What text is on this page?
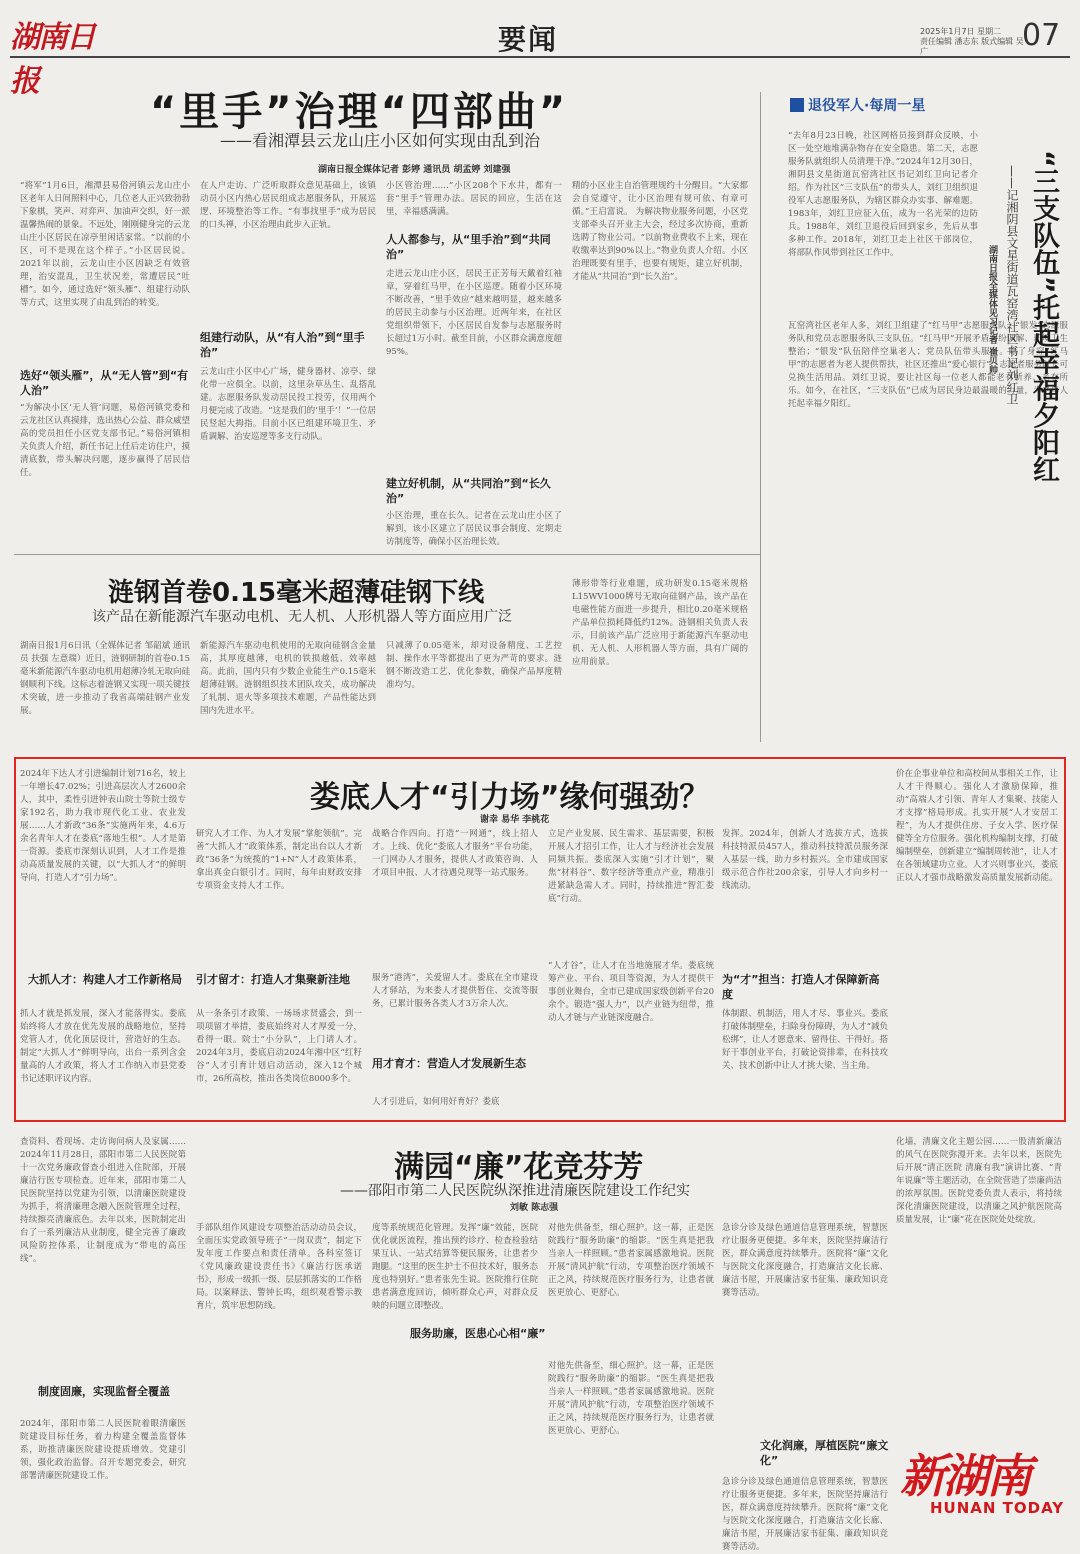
湖南日报
要闻	2025年1月7日 星期二
责任编辑 潘志东 版式编辑 吴广	07
“里手”治理“四部曲”
——看湘潭县云龙山庄小区如何实现由乱到治
湖南日报全媒体记者 彭婷 通讯员 胡孟婷 刘建强
“将军”1月6日，湘潭县易俗河镇云龙山庄小区老年人日间照料中心，几位老人正兴致勃勃下象棋，笑声、对弈声、加油声交织，好一派温馨热闹的景象。不远处，刚刚健身完的云龙山庄小区居民在凉亭里闲话家常。“以前的小区，可不是现在这个样子。”小区居民说。2021年以前，云龙山庄小区因缺乏有效管理，治安混乱，卫生状况差，常遭居民“吐槽”。如今，通过选好“领头雁”、组建行动队等方式，这里实现了由乱到治的转变。
选好“领头雁”，从“无人管”到“有人治”
“为解决小区‘无人管’问题，易俗河镇党委和云龙社区认真摸排，选出热心公益、群众威望高的党员担任小区党支部书记。”易俗河镇相关负责人介绍，新任书记上任后走访住户，摸清底数，带头解决问题，逐步赢得了居民信任。
在人户走访、广泛听取群众意见基础上，该镇动员小区内热心居民组成志愿服务队，开展巡逻、环境整治等工作。“有事找里手”成为居民的口头禅，小区治理由此步入正轨。
组建行动队，从“有人治”到“里手治”
云龙山庄小区中心广场，健身器材、凉亭、绿化带一应俱全。以前，这里杂草丛生、乱搭乱建。志愿服务队发动居民投工投劳，仅用两个月便完成了改造。“这是我们的‘里手’！”一位居民竖起大拇指。目前小区已组建环境卫生、矛盾调解、治安巡逻等多支行动队。
小区管治理……”小区208个下水井，都有一套“里手”管理办法。居民的回应，生活在这里，幸福感满满。
人人都参与，从“里手治”到“共同治”
走进云龙山庄小区，居民王正芳每天戴着红袖章，穿着红马甲，在小区巡逻。随着小区环境不断改善，“里手效应”越来越明显，越来越多的居民主动参与小区治理。近两年来，在社区党组织带领下，小区居民自发参与志愿服务时长超过1万小时。截至目前，小区群众满意度超95%。
建立好机制，从“共同治”到“长久治”
小区治理，重在长久。记者在云龙山庄小区了解到，该小区建立了居民议事会制度、定期走访制度等，确保小区治理长效。
精的小区业主自治管理规约十分醒目。“大家都会自觉遵守，让小区治理有规可依、有章可循。”王启富说。 为解决物业服务问题，小区党支部牵头召开业主大会，经过多次协商，重新选聘了物业公司。“以前物业费收不上来，现在收缴率达到90%以上。”物业负责人介绍。小区治理既要有里手，也要有规矩，建立好机制，才能从“共同治”到“长久治”。
退役军人·每周一星
“去年8月23日晚，社区网格员接到群众反映，小区一处空地堆满杂物存在安全隐患。第二天，志愿服务队就组织人员清理干净。”2024年12月30日，湘阴县文星街道瓦窑湾社区书记刘红卫向记者介绍。作为社区“三支队伍”的带头人，刘红卫组织退役军人志愿服务队，为辖区群众办实事、解难题。1983年，刘红卫应征入伍，成为一名光荣的边防兵。1988年，刘红卫退役后回到家乡，先后从事多种工作。2018年，刘红卫走上社区干部岗位，将部队作风带到社区工作中。
瓦窑湾社区老年人多，刘红卫组建了“红马甲”志愿服务队、“银发”志愿服务队和党员志愿服务队三支队伍。“红马甲”开展矛盾纠纷调解、环境卫生整治；“银发”队伍陪伴空巢老人；党员队伍带头服务。除了身穿“红马甲”的志愿者为老人提供帮扶，社区还推出“爱心银行”，志愿者服务时长可兑换生活用品。刘红卫说，要让社区每一位老人都能老有所养、老有所乐。如今，在社区，“三支队伍”已成为居民身边最温暖的力量，为老年人托起幸福夕阳红。	“三支队伍”托起幸福夕阳红
——记湘阴县文星街道瓦窑湾社区书记刘红卫
湖南日报全媒体见习记者 崔贝帅
涟钢首卷0.15毫米超薄硅钢下线
该产品在新能源汽车驱动电机、无人机、人形机器人等方面应用广泛
湖南日报1月6日讯（全媒体记者 邹韶斌 通讯员 扶强 左意瑞）近日，涟钢研制的首卷0.15毫米新能源汽车驱动电机用超薄冷轧无取向硅钢顺利下线。这标志着涟钢又实现一项关键技术突破，进一步推动了我省高端硅钢产业发展。
新能源汽车驱动电机使用的无取向硅钢含金量高，其厚度越薄，电机的铁损越低、效率越高。此前，国内只有少数企业能生产0.15毫米超薄硅钢。涟钢组织技术团队攻关，成功解决了轧制、退火等多项技术难题，产品性能达到国内先进水平。
只减薄了0.05毫米，却对设备精度、工艺控制、操作水平等都提出了更为严苛的要求。涟钢不断改造工艺、优化参数，确保产品厚度精准均匀。
薄形带等行业难题，成功研发0.15毫米规格L15WV1000牌号无取向硅钢产品，该产品在电磁性能方面进一步提升，相比0.20毫米规格产品单位损耗降低约12%。涟钢相关负责人表示，目前该产品广泛应用于新能源汽车驱动电机、无人机、人形机器人等方面，具有广阔的应用前景。
娄底人才“引力场”缘何强劲？
谢幸 易华 李桃花
2024年下达人才引进编制计划716名，较上一年增长47.02%；引进高层次人才2600余人，其中，柔性引进钟表山院士等院士级专家192名，助力我市现代化工业、农业发展……人才新政“36条”实施两年来，4.6万余名青年人才在娄底“落地生根”。人才是第一资源。娄底市深刻认识到，人才工作是推动高质量发展的关键，以“大抓人才”的鲜明导向，打造人才“引力场”。
大抓人才：构建人才工作新格局
抓人才就是抓发展，深入才能落得实。娄底始终将人才放在优先发展的战略地位，坚持党管人才，优化顶层设计，营造好的生态。制定“大抓人才”鲜明导向，出台一系列含金量高的人才政策，将人才工作纳入市县党委书记述职评议内容。
研究人才工作、为人才发展“掌舵领航”。完善“大抓人才”政策体系，制定出台以人才新政“36条”为统揽的“1+N”人才政策体系，拿出真金白银引才。同时，每年由财政安排专项资金支持人才工作。
引才留才：打造人才集聚新洼地
从一条条引才政策、一场场求贤盛会，到一项项留才举措，娄底始终对人才厚爱一分，看得一眼。院士“小分队”，上门请人才。2024年3月，娄底启动2024年湘中区“红籽谷”人才引育计划启动活动，深入12个城市，26所高校，推出各类岗位8000多个。
战略合作四向。打造“一网通”，线上招人才。上线、优化“娄底人才服务”平台功能，一门网办人才服务，提供人才政策咨询、人才项目申报、人才待遇兑现等一站式服务。
服务“港湾”，关爱留人才。娄底在全市建设人才驿站，为来娄人才提供暂住、交流等服务，已累计服务各类人才3万余人次。
用才育才：营造人才发展新生态
人才引进后，如何用好育好？娄底
立足产业发展、民生需求、基层需要，积极开展人才招引工作，让人才与经济社会发展同频共振。娄底深入实施“引才计划”，聚焦“材料谷”、数字经济等重点产业，精准引进紧缺急需人才。同时，持续推进“智汇娄底”行动。
“人才谷”，让人才在当地施展才华。娄底统筹产业、平台、项目等资源，为人才提供干事创业舞台，全市已建成国家级创新平台20余个。锻造“强人力”，以产业链为纽带，推动人才链与产业链深度融合。
发挥。2024年，创新人才选拔方式，选拔科技特派员457人，推动科技特派员服务深入基层一线，助力乡村振兴。全市建成国家级示范合作社200余家，引导人才向乡村一线流动。
为“才”担当：打造人才保障新高度
体制跟、机制活，用人才尽、事业兴。娄底打破体制壁垒，扫除身份障碍，为人才“减负松绑”，让人才愿意来、留得住、干得好。搭好干事创业平台，打破论资排辈，在科技攻关、技术创新中让人才挑大梁、当主角。
价在企事业单位和高校间从事相关工作，让人才干得顺心。强化人才激励保障，推动“高端人才引领、青年人才集聚、技能人才支撑”格局形成。扎实开展“人才安居工程”，为人才提供住房、子女入学、医疗保健等全方位服务。强化机构编制支撑，打破编制壁垒，创新建立“编制周转池”，让人才在各领域建功立业。人才兴则事业兴，娄底正以人才强市战略激发高质量发展新动能。
满园“廉”花竞芬芳
——邵阳市第二人民医院纵深推进清廉医院建设工作纪实
刘敏 陈志强
查资料、看现场、走访询问病人及家属……2024年11月28日，邵阳市第二人民医院第十一次党务廉政督查小组进入住院部，开展廉洁行医专项检查。近年来，邵阳市第二人民医院坚持以党建为引领，以清廉医院建设为抓手，将清廉理念融入医院管理全过程，持续擦亮清廉底色。去年以来，医院制定出台了一系列廉洁从业制度，健全完善了廉政风险防控体系，让制度成为“带电的高压线”。
制度固廉，实现监督全覆盖
2024年，邵阳市第二人民医院着眼清廉医院建设目标任务，着力构建全覆盖监督体系，助推清廉医院建设提质增效。党建引领，强化政治监督。召开专题党委会，研究部署清廉医院建设工作。
手部队组作风建设专项整治活动动员会议，全面压实党政领导班子“一岗双责”，制定下发年度工作要点和责任清单。各科室签订《党风廉政建设责任书》《廉洁行医承诺书》，形成一级抓一级、层层抓落实的工作格局。以案释法、警钟长鸣，组织观看警示教育片，筑牢思想防线。
度等系统规范化管理。发挥“廉”效能，医院优化就医流程，推出预约诊疗、检查检验结果互认、一站式结算等便民服务，让患者少跑腿。“这里的医生护士不但技术好，服务态度也特别好。”患者张先生说。医院推行住院患者满意度回访，倾听群众心声，对群众反映的问题立即整改。
对他先供备至，细心照护。这一幕，正是医院践行“服务助廉”的缩影。“医生真是把我当亲人一样照顾。”患者家属感激地说。医院开展“清风护航”行动，专项整治医疗领域不正之风，持续规范医疗服务行为，让患者就医更放心、更舒心。
服务助廉，医患心心相“廉”
对他先供备至，细心照护。这一幕，正是医院践行“服务助廉”的缩影。“医生真是把我当亲人一样照顾。”患者家属感激地说。医院开展“清风护航”行动，专项整治医疗领域不正之风，持续规范医疗服务行为，让患者就医更放心、更舒心。
急诊分诊及绿色通道信息管理系统，智慧医疗让服务更便捷。多年来，医院坚持廉洁行医，群众满意度持续攀升。医院将“廉”文化与医院文化深度融合，打造廉洁文化长廊、廉洁书屋，开展廉洁家书征集、廉政知识竞赛等活动。
文化润廉，厚植医院“廉文化”
急诊分诊及绿色通道信息管理系统，智慧医疗让服务更便捷。多年来，医院坚持廉洁行医，群众满意度持续攀升。医院将“廉”文化与医院文化深度融合，打造廉洁文化长廊、廉洁书屋，开展廉洁家书征集、廉政知识竞赛等活动。
化墙，清廉文化主题公园……一股清新廉洁的风气在医院弥漫开来。去年以来，医院先后开展“清正医院 清廉有我”演讲比赛、“青年说廉”等主题活动，在全院营造了崇廉尚洁的浓厚氛围。医院党委负责人表示，将持续深化清廉医院建设，以清廉之风护航医院高质量发展，让“廉”花在医院处处绽放。
新湖南
HUNAN TODAY
